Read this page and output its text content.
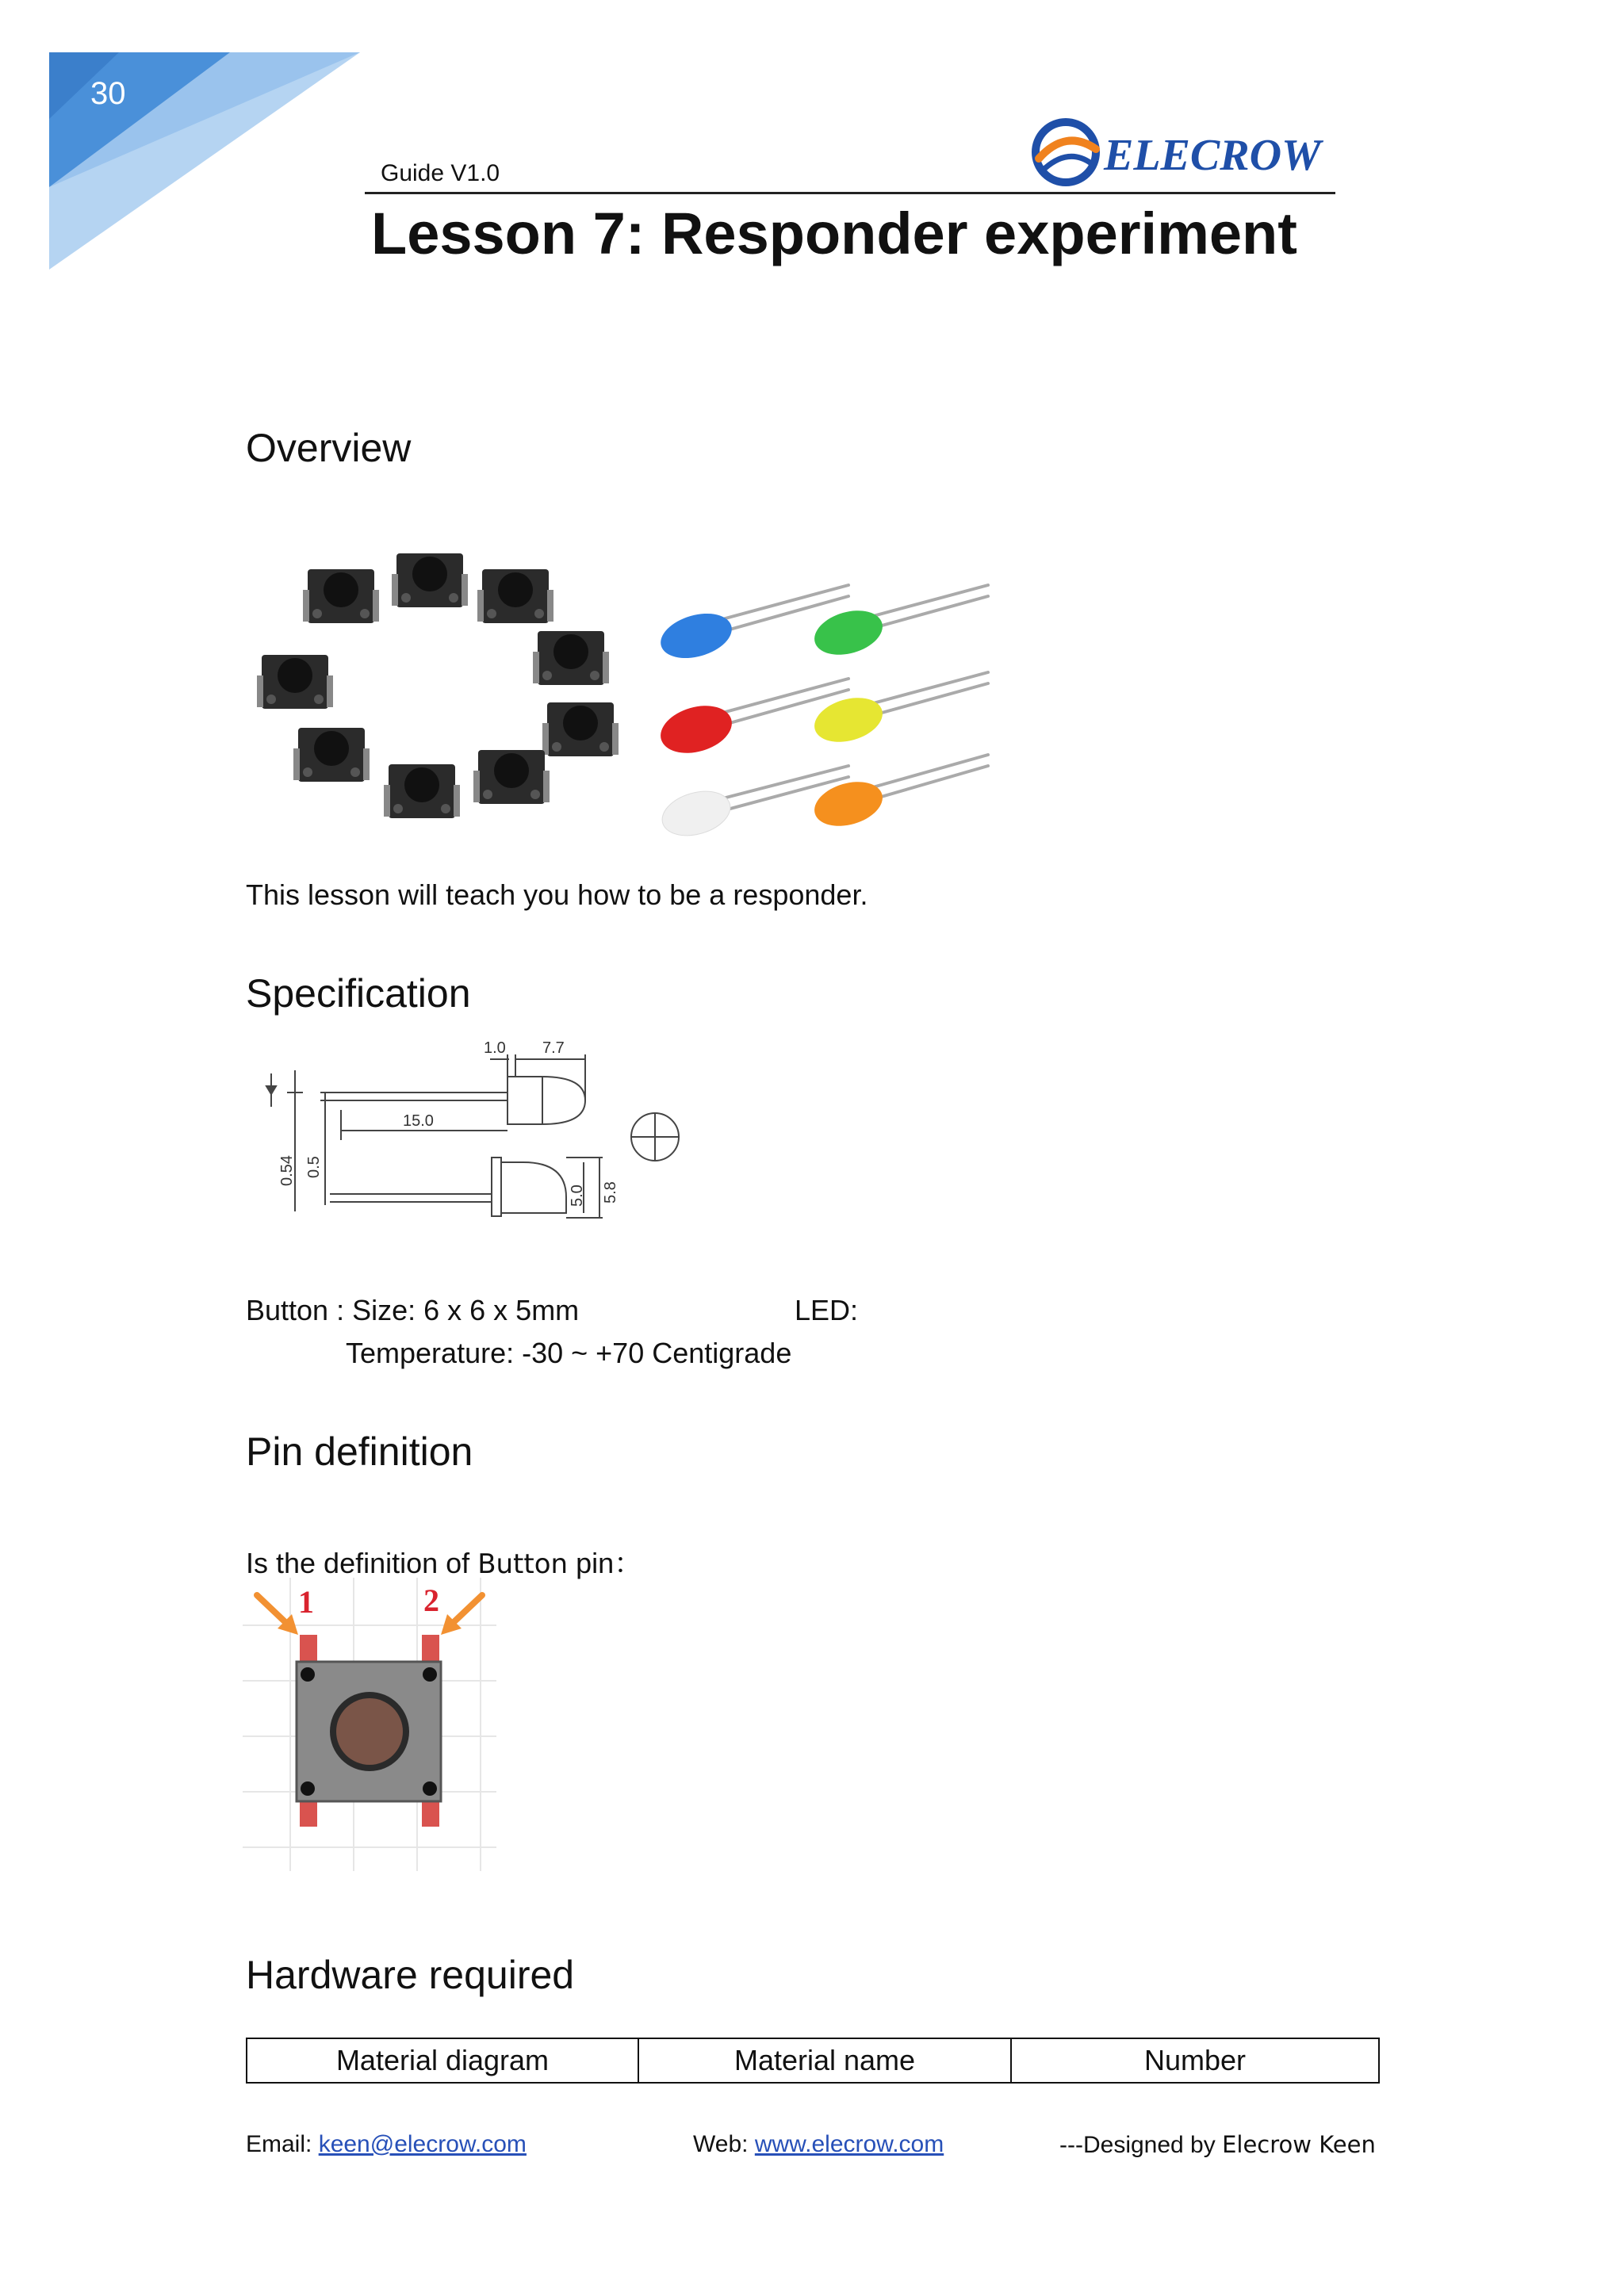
30
Guide V1.0	ELECROW
Lesson 7: Responder experiment
Overview
This lesson will teach you how to be a responder.
Specification
1.0 7.7
15.0
0.54 0.5
5.0 5.8
Button : Size: 6 x 6 x 5mm	LED:
Temperature: -30 ~ +70 Centigrade
Pin definition
Is the definition of Button pin：
1	2
Hardware required
Material diagram	Material name	Number
Email: keen@elecrow.com	Web: www.elecrow.com	---Designed by Elecrow Keen
